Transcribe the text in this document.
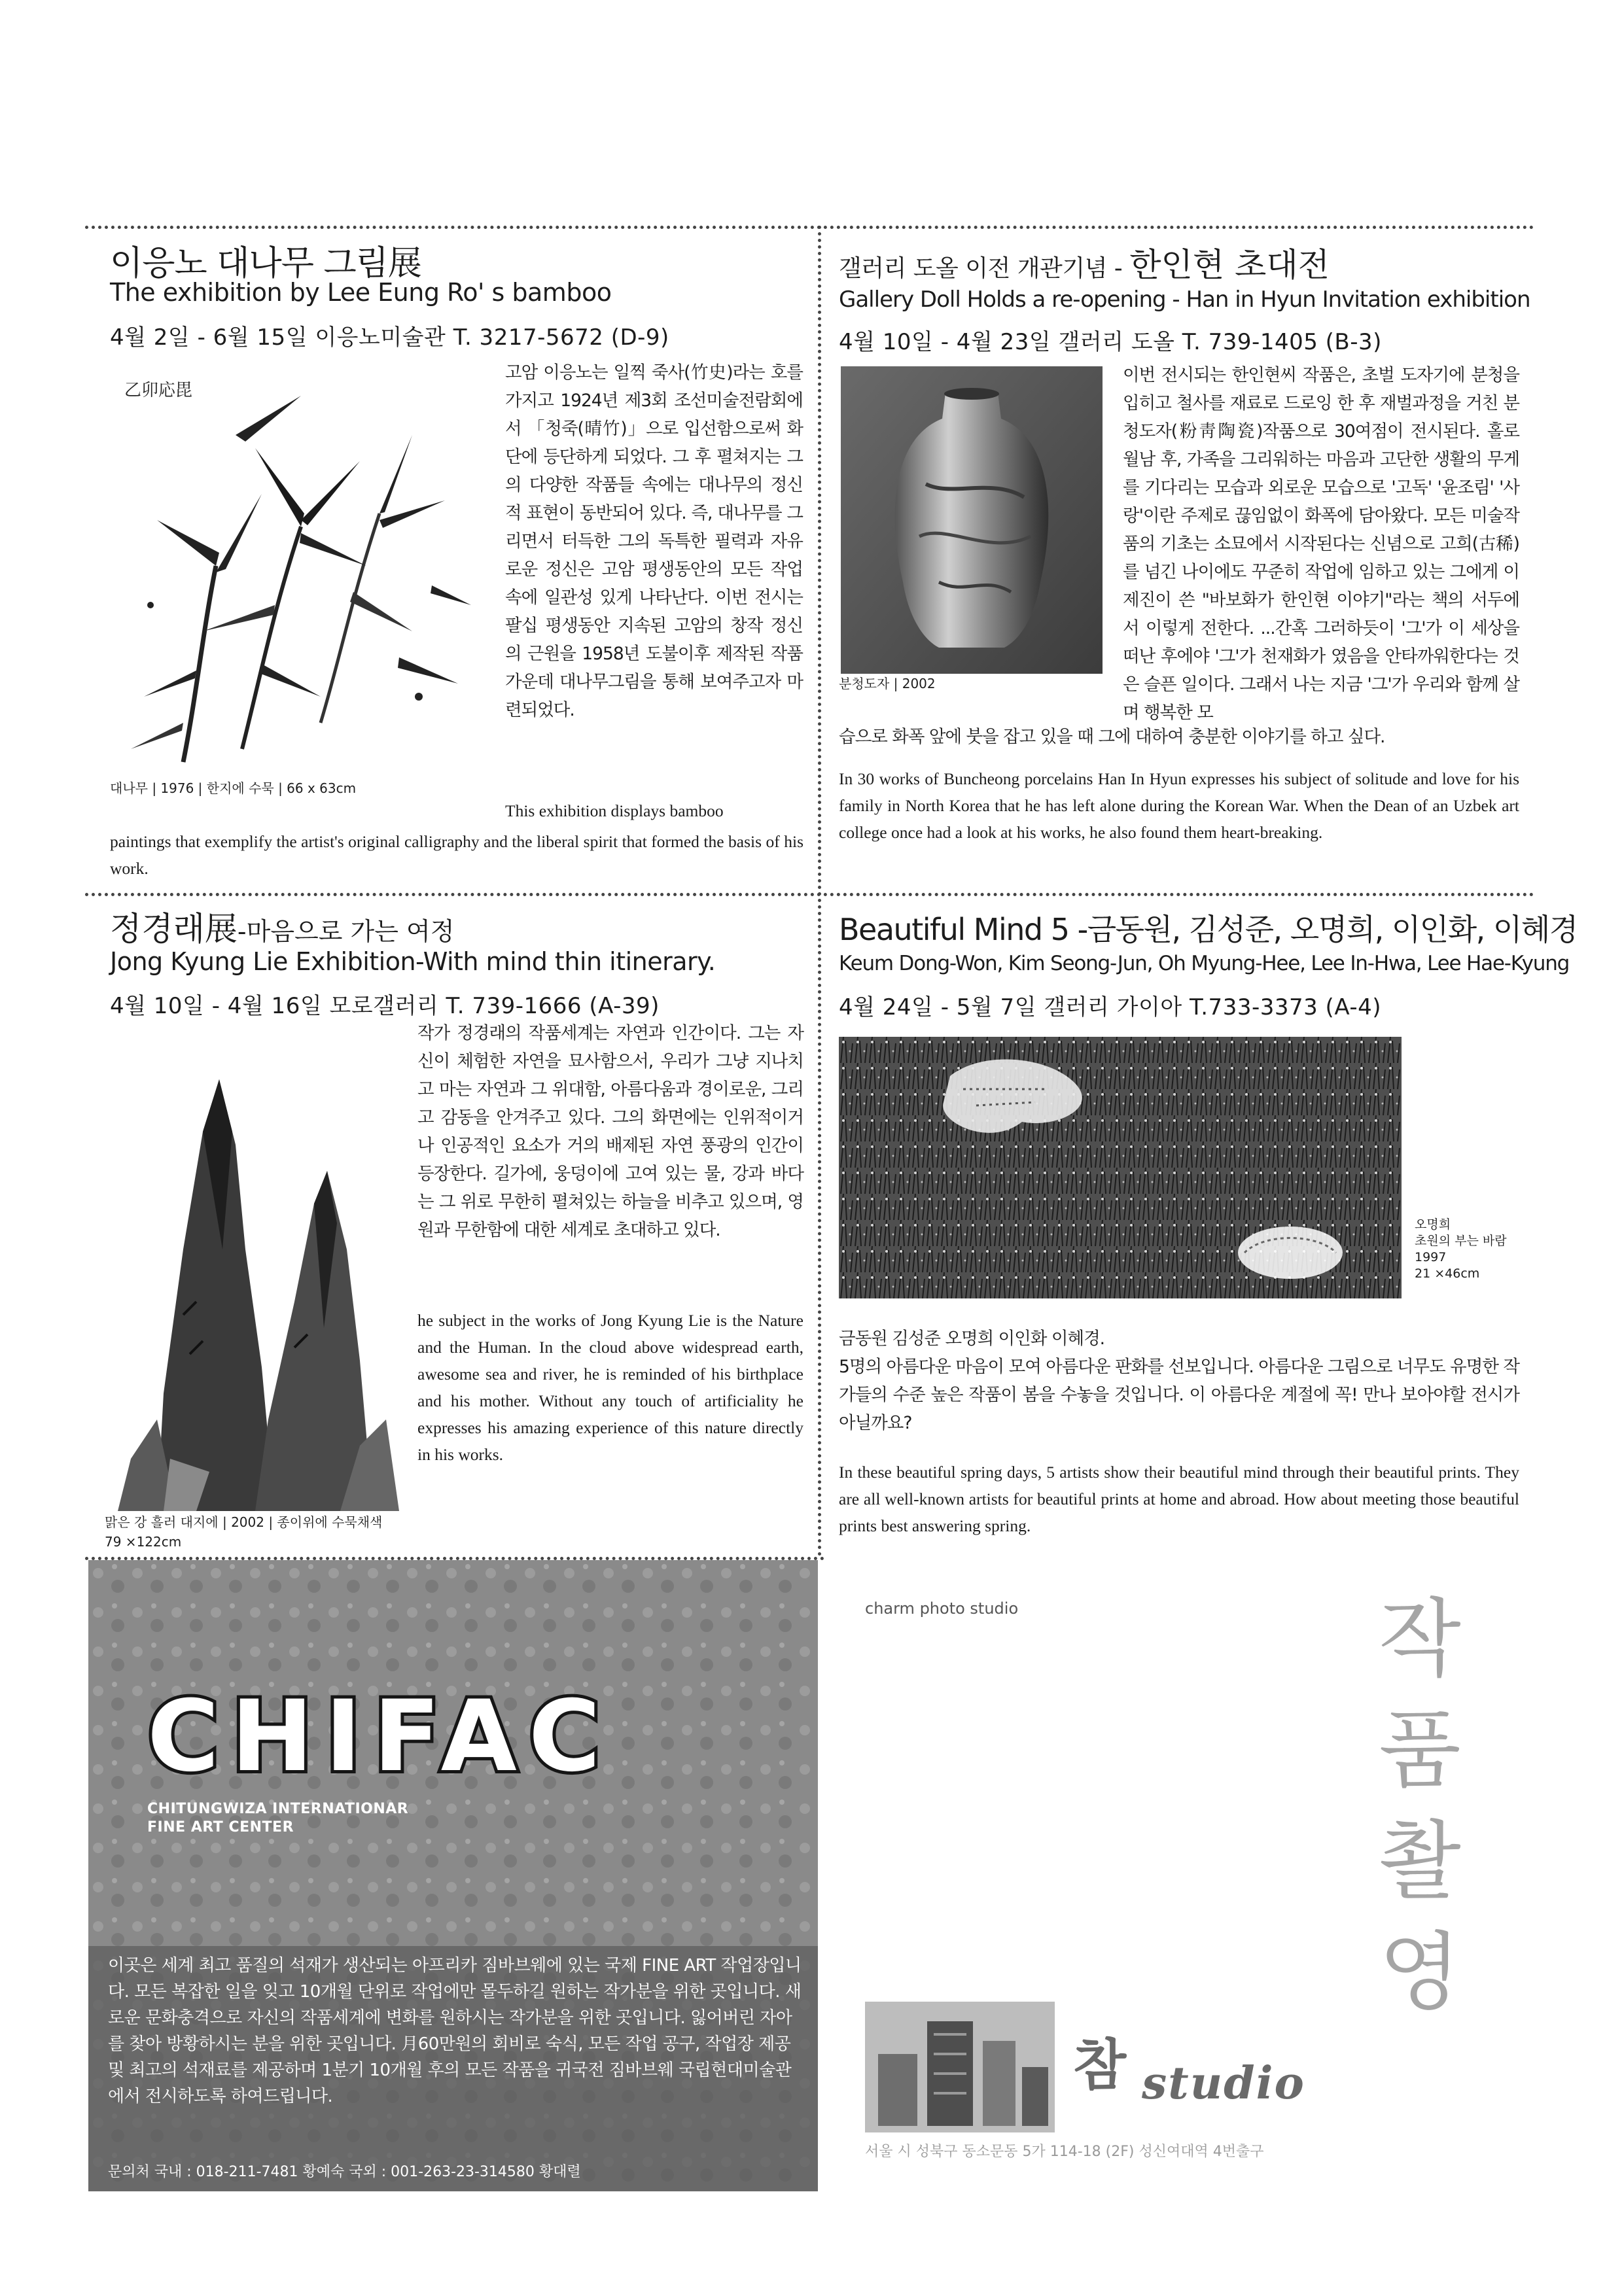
이응노 대나무 그림展
The exhibition by Lee Eung Ro' s bamboo
4월 2일 - 6월 15일 이응노미술관 T. 3217-5672 (D-9)
乙卯応毘
대나무 | 1976 | 한지에 수묵 | 66 x 63cm
고암 이응노는 일찍 죽사(竹史)라는 호를 가지고 1924년 제3회 조선미술전람회에서 「청죽(晴竹)」으로 입선함으로써 화단에 등단하게 되었다. 그 후 펼쳐지는 그의 다양한 작품들 속에는 대나무의 정신적 표현이 동반되어 있다. 즉, 대나무를 그리면서 터득한 그의 독특한 필력과 자유로운 정신은 고암 평생동안의 모든 작업 속에 일관성 있게 나타난다. 이번 전시는 팔십 평생동안 지속된 고암의 창작 정신의 근원을 1958년 도불이후 제작된 작품 가운데 대나무그림을 통해 보여주고자 마련되었다.
This exhibition displays bamboo
paintings that exemplify the artist's original calligraphy and the liberal spirit that formed the basis of his work.
갤러리 도올 이전 개관기념 - 한인현 초대전
Gallery Doll Holds a re-opening - Han in Hyun Invitation exhibition
4월 10일 - 4월 23일 갤러리 도올 T. 739-1405 (B-3)
분청도자 | 2002
이번 전시되는 한인현씨 작품은, 초벌 도자기에 분청을 입히고 철사를 재료로 드로잉 한 후 재벌과정을 거친 분청도자(粉靑陶瓷)작품으로 30여점이 전시된다. 홀로 월남 후, 가족을 그리워하는 마음과 고단한 생활의 무게를 기다리는 모습과 외로운 모습으로 '고독' '윤조림' '사랑'이란 주제로 끊임없이 화폭에 담아왔다. 모든 미술작품의 기초는 소묘에서 시작된다는 신념으로 고희(古稀)를 넘긴 나이에도 꾸준히 작업에 임하고 있는 그에게 이제진이 쓴 "바보화가 한인현 이야기"라는 책의 서두에서 이렇게 전한다. ...간혹 그러하듯이 '그'가 이 세상을 떠난 후에야 '그'가 천재화가 였음을 안타까워한다는 것은 슬픈 일이다. 그래서 나는 지금 '그'가 우리와 함께 살며 행복한 모
습으로 화폭 앞에 붓을 잡고 있을 때 그에 대하여 충분한 이야기를 하고 싶다.
In 30 works of Buncheong porcelains Han In Hyun expresses his subject of solitude and love for his family in North Korea that he has left alone during the Korean War. When the Dean of an Uzbek art college once had a look at his works, he also found them heart-breaking.
정경래展-마음으로 가는 여정
Jong Kyung Lie Exhibition-With mind thin itinerary.
4월 10일 - 4월 16일 모로갤러리 T. 739-1666 (A-39)
맑은 강 흘러 대지에 | 2002 | 종이위에 수묵채색
79 ×122cm
작가 정경래의 작품세계는 자연과 인간이다. 그는 자신이 체험한 자연을 묘사함으서, 우리가 그냥 지나치고 마는 자연과 그 위대함, 아름다움과 경이로운, 그리고 감동을 안겨주고 있다. 그의 화면에는 인위적이거나 인공적인 요소가 거의 배제된 자연 풍광의 인간이 등장한다. 길가에, 웅덩이에 고여 있는 물, 강과 바다는 그 위로 무한히 펼쳐있는 하늘을 비추고 있으며, 영원과 무한함에 대한 세계로 초대하고 있다.
he subject in the works of Jong Kyung Lie is the Nature and the Human. In the cloud above widespread earth, awesome sea and river, he is reminded of his birthplace and his mother. Without any touch of artificiality he expresses his amazing experience of this nature directly in his works.
Beautiful Mind 5 -금동원, 김성준, 오명희, 이인화, 이혜경
Keum Dong-Won, Kim Seong-Jun, Oh Myung-Hee, Lee In-Hwa, Lee Hae-Kyung
4월 24일 - 5월 7일 갤러리 가이아 T.733-3373 (A-4)
오명희
초원의 부는 바람
1997
21 ×46cm
금동원 김성준 오명희 이인화 이혜경.
5명의 아름다운 마음이 모여 아름다운 판화를 선보입니다. 아름다운 그림으로 너무도 유명한 작가들의 수준 높은 작품이 봄을 수놓을 것입니다. 이 아름다운 계절에 꼭! 만나 보아야할 전시가 아닐까요?
In these beautiful spring days, 5 artists show their beautiful mind through their beautiful prints. They are all well-known artists for beautiful prints at home and abroad. How about meeting those beautiful prints best answering spring.
CHIFAC
CHITUNGWIZA INTERNATIONAR
FINE ART CENTER
이곳은 세계 최고 품질의 석재가 생산되는 아프리카 짐바브웨에 있는 국제 FINE ART 작업장입니다. 모든 복잡한 일을 잊고 10개월 단위로 작업에만 몰두하길 원하는 작가분을 위한 곳입니다. 새로운 문화충격으로 자신의 작품세계에 변화를 원하시는 작가분을 위한 곳입니다. 잃어버린 자아를 찾아 방황하시는 분을 위한 곳입니다. 月60만원의 회비로 숙식, 모든 작업 공구, 작업장 제공 및 최고의 석재료를 제공하며 1분기 10개월 후의 모든 작품을 귀국전 짐바브웨 국립현대미술관에서 전시하도록 하여드립니다.
문의처 국내 : 018-211-7481 황예숙 국외 : 001-263-23-314580 황대렬
charm photo studio	작
품
촬
영
참 studio
서울 시 성북구 동소문동 5가 114-18 (2F) 성신여대역 4번출구
